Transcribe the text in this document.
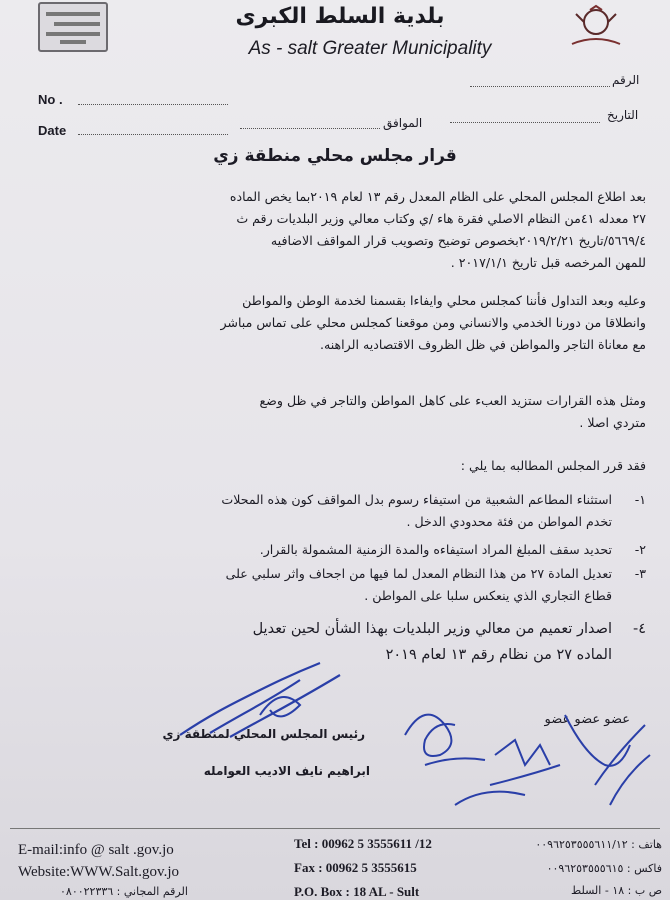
بلدية السلط الكبرى
As - salt Greater Municipality
No .
Date	الموافق
الرقم
التاريخ
قرار مجلس محلي منطقة زي
بعد اطلاع المجلس المحلي على الظام المعدل رقم ١٣ لعام ٢٠١٩بما يخص الماده
٢٧ معدله ٤١من النظام الاصلي فقرة هاء /ي وكتاب معالي وزير البلديات رقم ث
٥٦٦٩/٤/تاريخ ٢٠١٩/٢/٢١بخصوص توضيح وتصويب قرار المواقف الاضافيه
للمهن المرخصه قبل تاريخ ٢٠١٧/١/١ .
وعليه وبعد التداول فأننا كمجلس محلي وايفاءا بقسمنا لخدمة الوطن والمواطن
وانطلاقا من دورنا الخدمي والانساني ومن موقعنا كمجلس محلي على تماس مباشر
مع معاناة التاجر والمواطن في ظل الظروف الاقتصاديه الراهنه.
ومثل هذه القرارات ستزيد العبء على كاهل المواطن والتاجر في ظل وضع
متردي اصلا .
فقد قرر المجلس المطالبه بما يلي :
١-استثناء المطاعم الشعبية من استيفاء رسوم بدل المواقف كون هذه المحلات
تخدم المواطن من فئة محدودي الدخل .
٢-تحديد سقف المبلغ المراد استيفاءه والمدة الزمنية المشمولة بالقرار.
٣-تعديل المادة ٢٧ من هذا النظام المعدل لما فيها من اجحاف واثر سلبي على
قطاع التجاري الذي ينعكس سلبا على المواطن .
٤-اصدار تعميم من معالي وزير البلديات بهذا الشأن لحين تعديل
الماده ٢٧ من نظام رقم ١٣ لعام ٢٠١٩
رئيس المجلس المحلي لمنطقة زي
ابراهيم نايف الاديب العوامله
عضو عضو عضو
E-mail:info @ salt .gov.jo
Website:WWW.Salt.gov.jo
الرقم المجاني : ٠٨٠٠٢٢٣٣٦
Tel : 00962 5 3555611 /12
Fax : 00962 5 3555615
P.O. Box : 18 AL - Sult
هاتف : ٠٠٩٦٢٥٣٥٥٥٦١١/١٢
فاكس : ٠٠٩٦٢٥٣٥٥٥٦١٥
ص ب : ١٨ - السلط
